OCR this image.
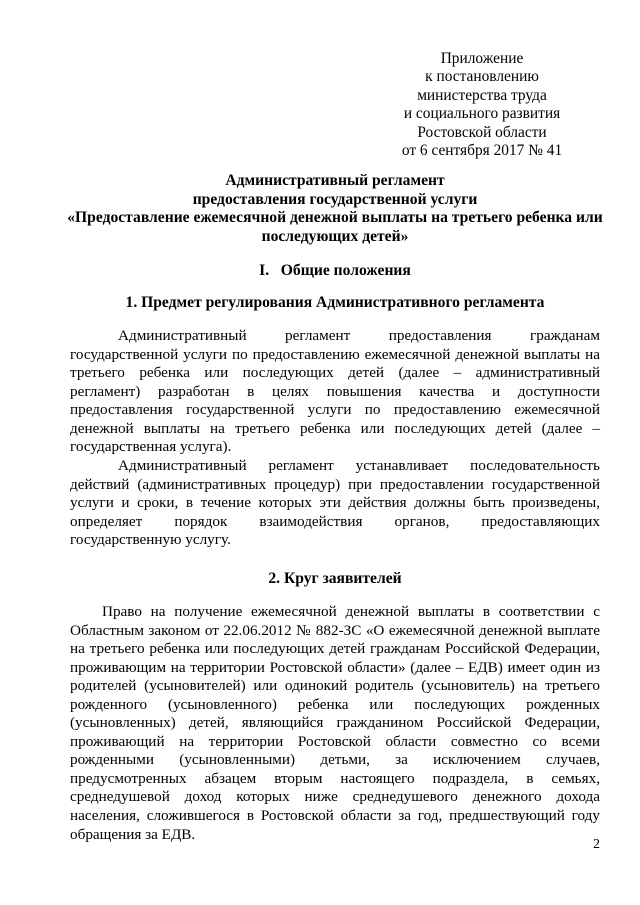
Приложение
к постановлению
министерства труда
и социального развития
Ростовской области
от 6 сентября 2017 № 41
Административный регламент
предоставления государственной услуги
«Предоставление ежемесячной денежной выплаты на третьего ребенка или
последующих детей»
I.   Общие положения
1. Предмет регулирования Административного регламента
Административный регламент предоставления гражданам
государственной услуги по предоставлению ежемесячной денежной выплаты на
третьего ребенка или последующих детей (далее – административный
регламент) разработан в целях повышения качества и доступности
предоставления государственной услуги по предоставлению ежемесячной
денежной выплаты на третьего ребенка или последующих детей (далее –
государственная услуга).
Административный регламент устанавливает последовательность
действий (административных процедур) при предоставлении государственной
услуги и сроки, в течение которых эти действия должны быть произведены,
определяет порядок взаимодействия органов, предоставляющих
государственную услугу.
2. Круг заявителей
Право на получение ежемесячной денежной выплаты в соответствии с
Областным законом от 22.06.2012 № 882-ЗС «О ежемесячной денежной выплате
на третьего ребенка или последующих детей гражданам Российской Федерации,
проживающим на территории Ростовской области» (далее – ЕДВ) имеет один из
родителей (усыновителей) или одинокий родитель (усыновитель) на третьего
рожденного (усыновленного) ребенка или последующих рожденных
(усыновленных) детей, являющийся гражданином Российской Федерации,
проживающий на территории Ростовской области совместно со всеми
рожденными (усыновленными) детьми, за исключением случаев,
предусмотренных абзацем вторым настоящего подраздела, в семьях,
среднедушевой доход которых ниже среднедушевого денежного дохода
населения, сложившегося в Ростовской области за год, предшествующий году
обращения за ЕДВ.
2
